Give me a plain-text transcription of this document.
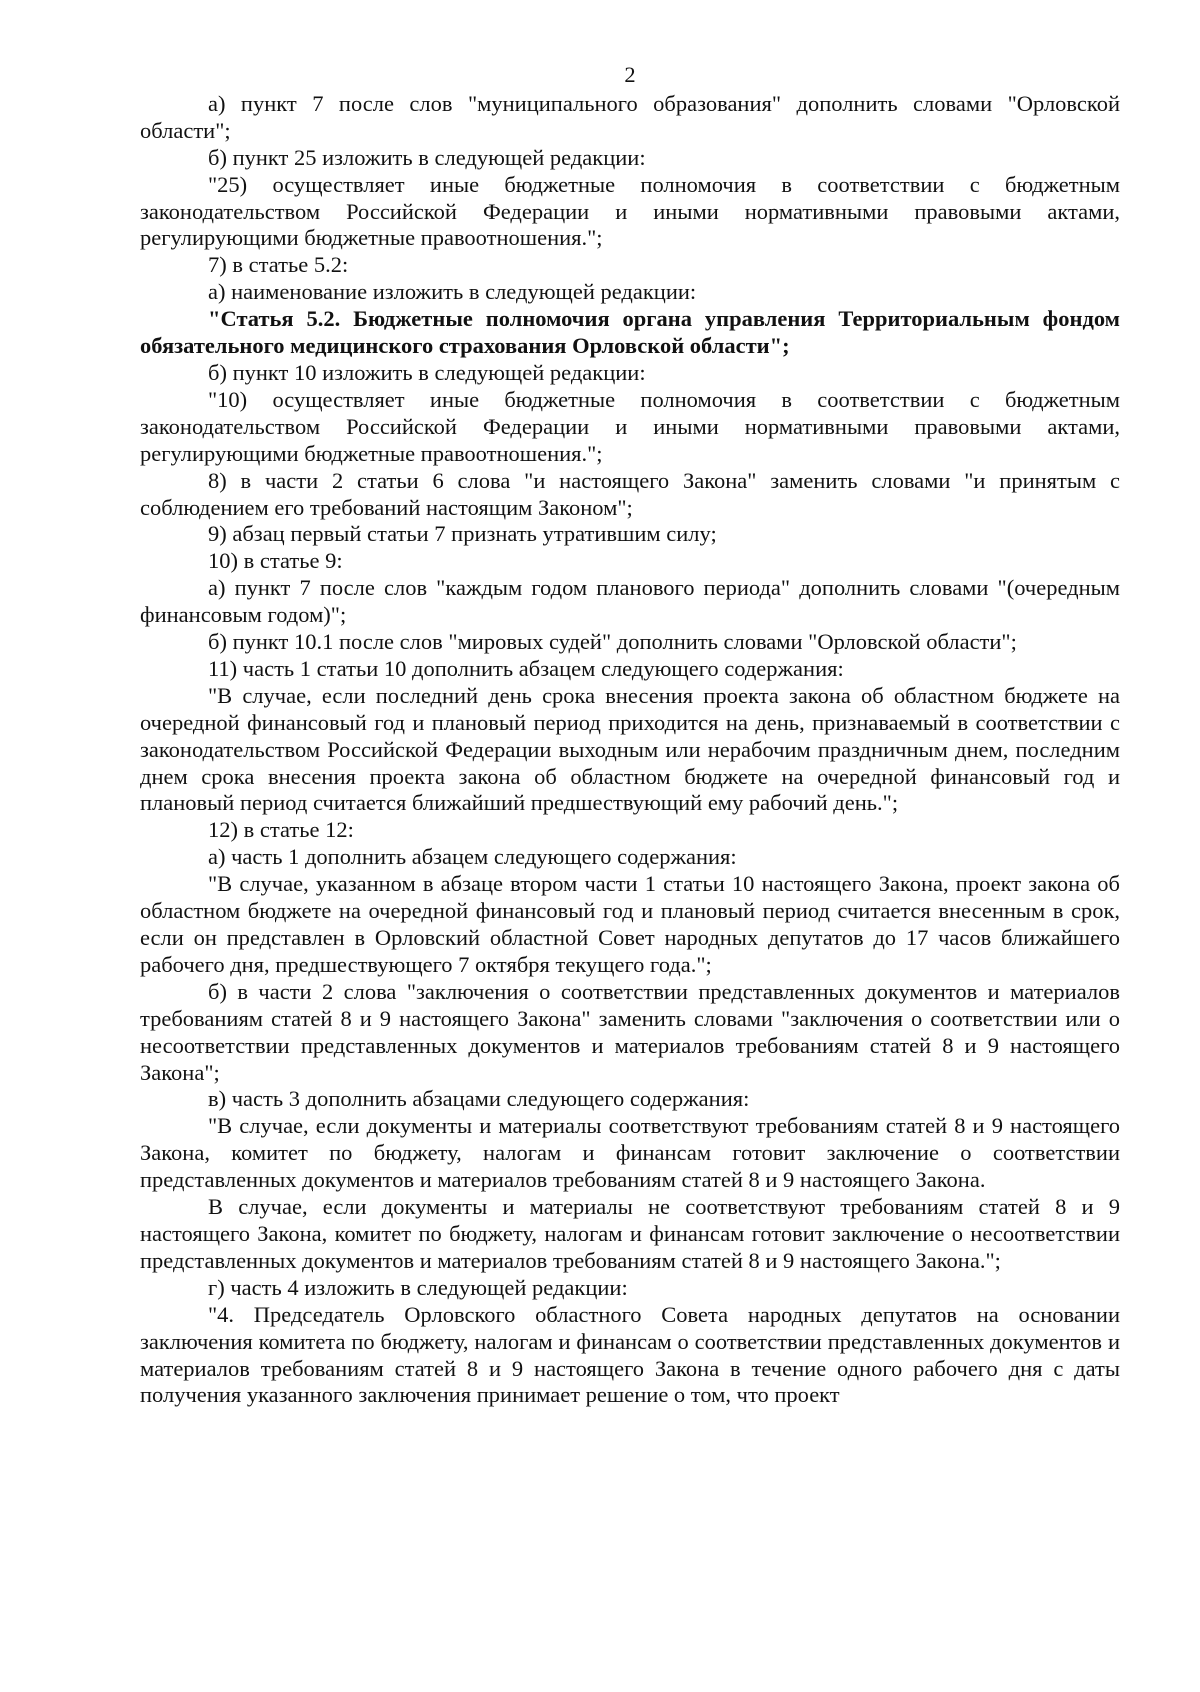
2

а) пункт 7 после слов "муниципального образования" дополнить словами "Орловской области";

б) пункт 25 изложить в следующей редакции:

"25) осуществляет иные бюджетные полномочия в соответствии с бюджетным законодательством Российской Федерации и иными нормативными правовыми актами, регулирующими бюджетные правоотношения.";

7) в статье 5.2:

а) наименование изложить в следующей редакции:

"Статья 5.2. Бюджетные полномочия органа управления Территориальным фондом обязательного медицинского страхования Орловской области";

б) пункт 10 изложить в следующей редакции:

"10) осуществляет иные бюджетные полномочия в соответствии с бюджетным законодательством Российской Федерации и иными нормативными правовыми актами, регулирующими бюджетные правоотношения.";

8) в части 2 статьи 6 слова "и настоящего Закона" заменить словами "и принятым с соблюдением его требований настоящим Законом";

9) абзац первый статьи 7 признать утратившим силу;

10) в статье 9:

а) пункт 7 после слов "каждым годом планового периода" дополнить словами "(очередным финансовым годом)";

б) пункт 10.1 после слов "мировых судей" дополнить словами "Орловской области";

11) часть 1 статьи 10 дополнить абзацем следующего содержания:

"В случае, если последний день срока внесения проекта закона об областном бюджете на очередной финансовый год и плановый период приходится на день, признаваемый в соответствии с законодательством Российской Федерации выходным или нерабочим праздничным днем, последним днем срока внесения проекта закона об областном бюджете на очередной финансовый год и плановый период считается ближайший предшествующий ему рабочий день.";

12) в статье 12:

а) часть 1 дополнить абзацем следующего содержания:

"В случае, указанном в абзаце втором части 1 статьи 10 настоящего Закона, проект закона об областном бюджете на очередной финансовый год и плановый период считается внесенным в срок, если он представлен в Орловский областной Совет народных депутатов до 17 часов ближайшего рабочего дня, предшествующего 7 октября текущего года.";

б) в части 2 слова "заключения о соответствии представленных документов и материалов требованиям статей 8 и 9 настоящего Закона" заменить словами "заключения о соответствии или о несоответствии представленных документов и материалов требованиям статей 8 и 9 настоящего Закона";

в) часть 3 дополнить абзацами следующего содержания:

"В случае, если документы и материалы соответствуют требованиям статей 8 и 9 настоящего Закона, комитет по бюджету, налогам и финансам готовит заключение о соответствии представленных документов и материалов требованиям статей 8 и 9 настоящего Закона.

В случае, если документы и материалы не соответствуют требованиям статей 8 и 9 настоящего Закона, комитет по бюджету, налогам и финансам готовит заключение о несоответствии представленных документов и материалов требованиям статей 8 и 9 настоящего Закона.";

г) часть 4 изложить в следующей редакции:

"4. Председатель Орловского областного Совета народных депутатов на основании заключения комитета по бюджету, налогам и финансам о соответствии представленных документов и материалов требованиям статей 8 и 9 настоящего Закона в течение одного рабочего дня с даты получения указанного заключения принимает решение о том, что проект
